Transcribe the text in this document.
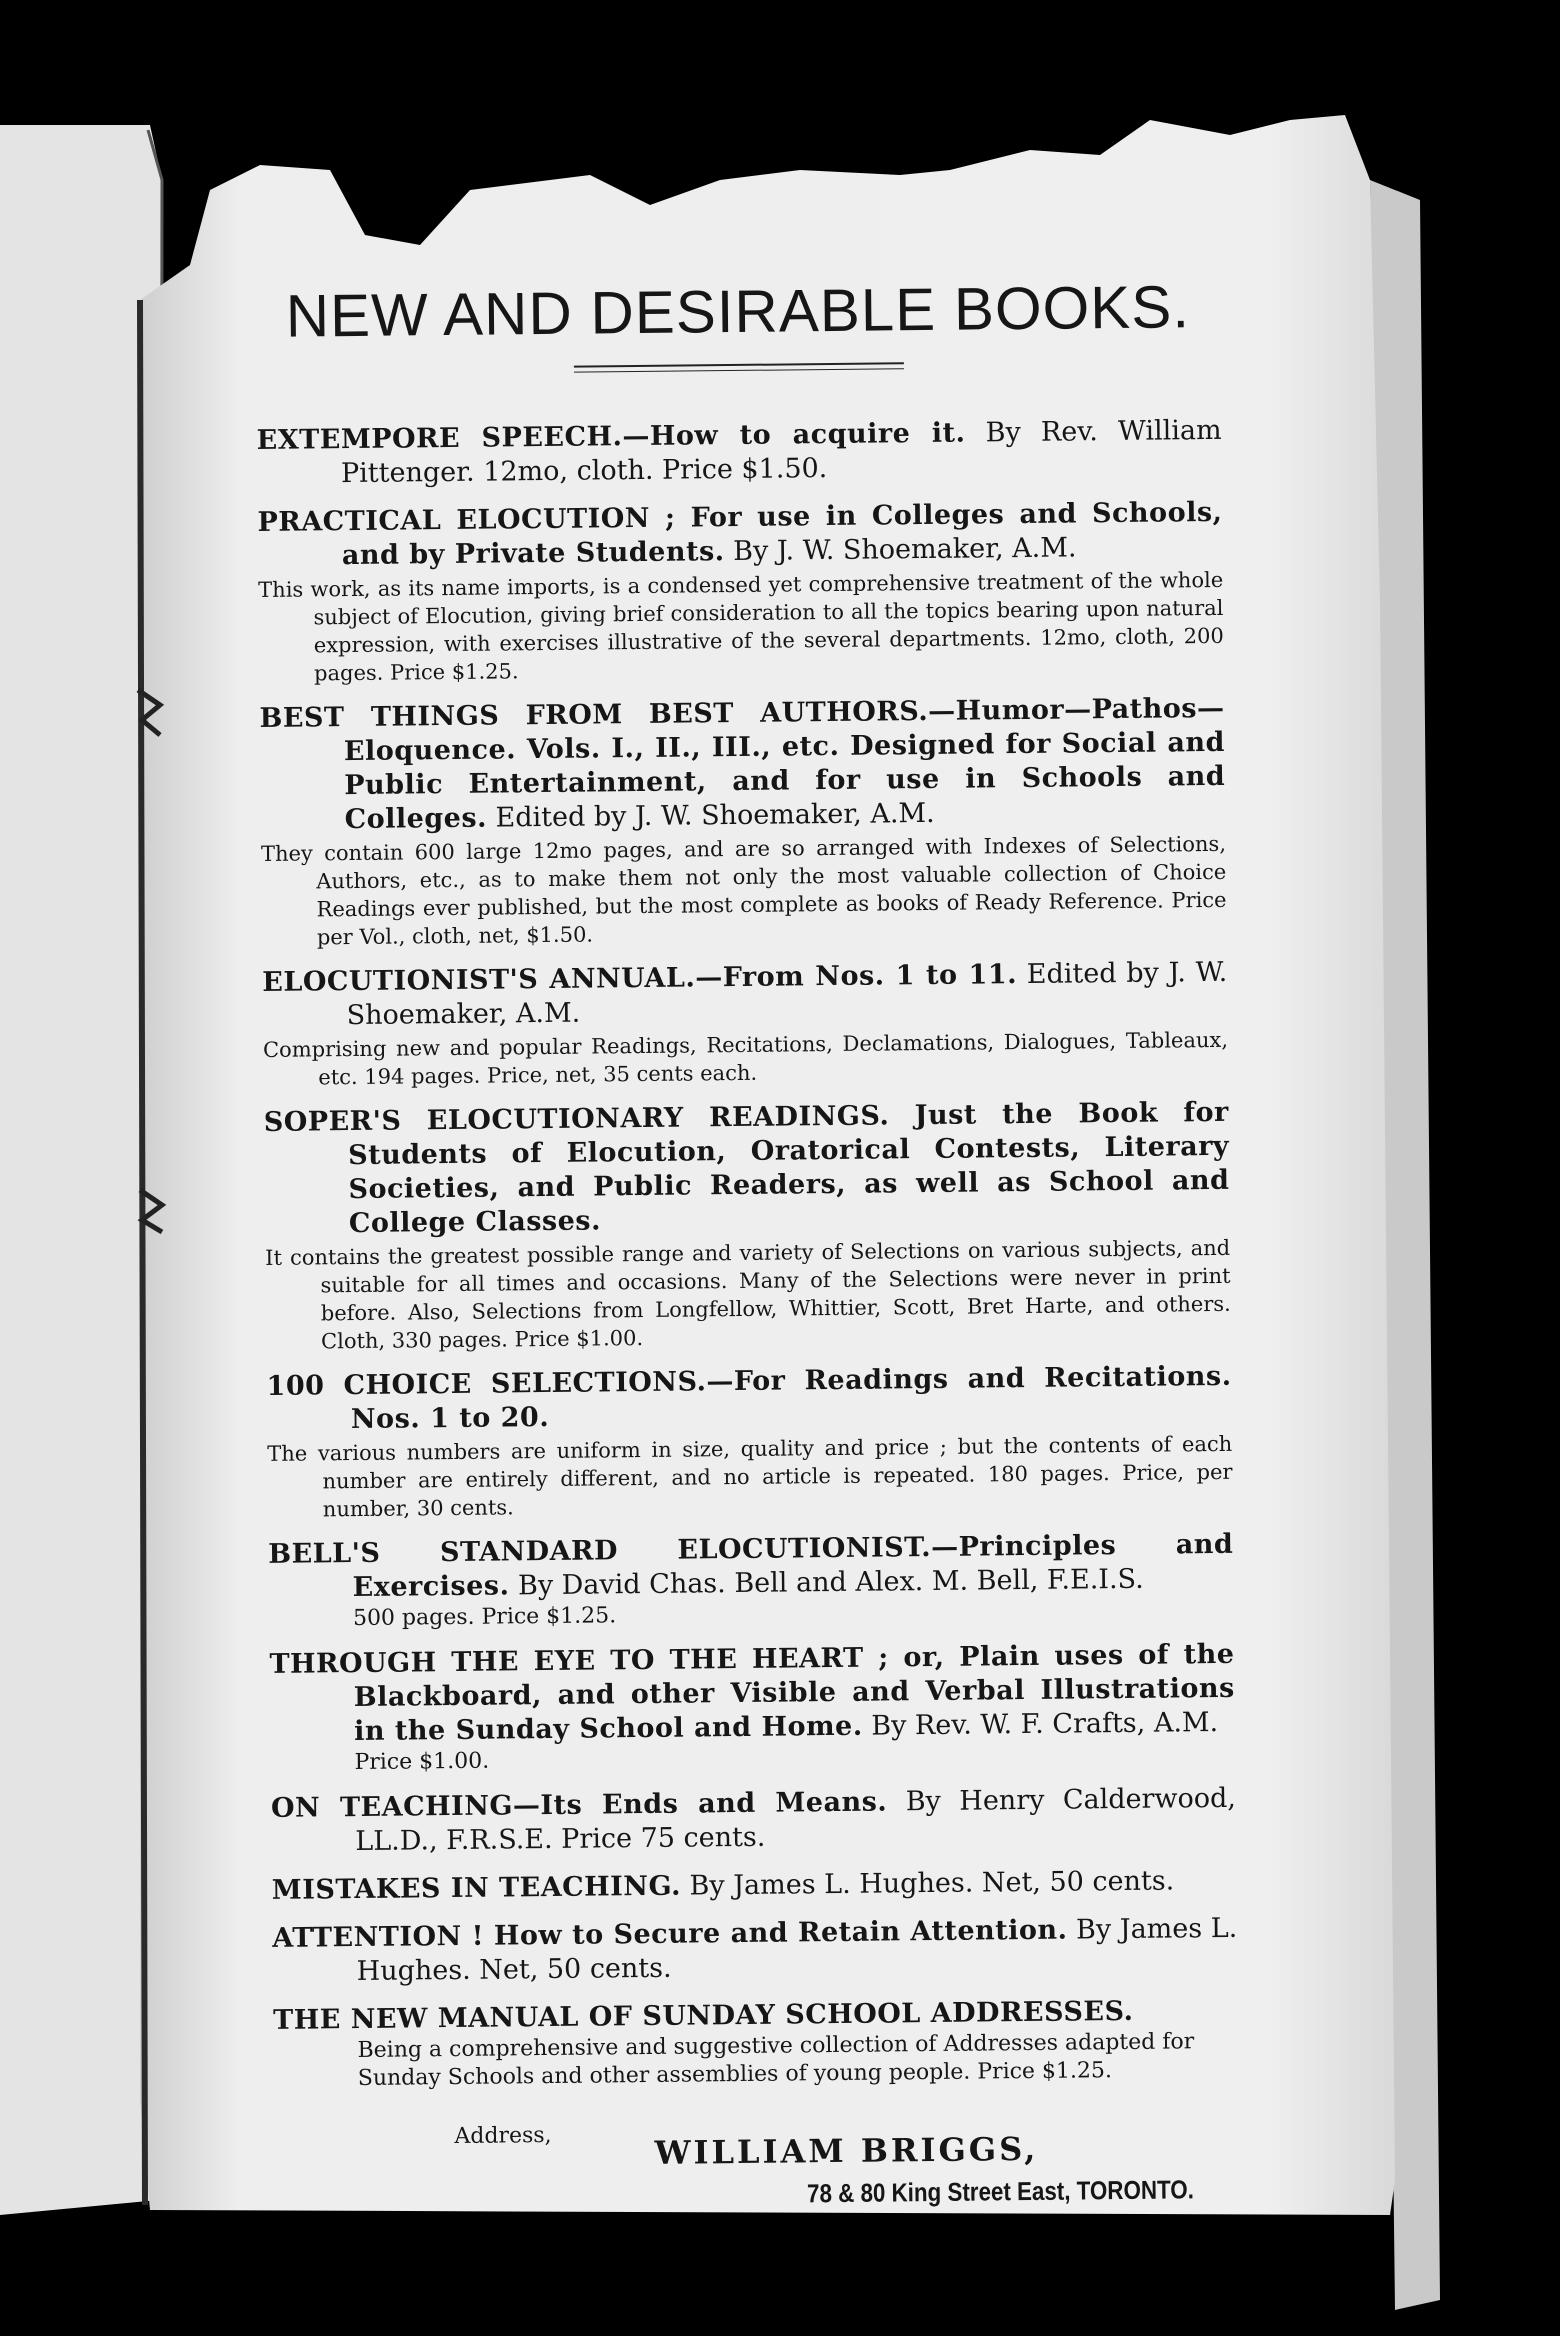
NEW AND DESIRABLE BOOKS.
EXTEMPORE SPEECH.—How to acquire it. By Rev. William Pittenger. 12mo, cloth. Price $1.50.
PRACTICAL ELOCUTION ; For use in Colleges and Schools, and by Private Students. By J. W. Shoemaker, A.M.
This work, as its name imports, is a condensed yet comprehensive treatment of the whole subject of Elocution, giving brief consideration to all the topics bearing upon natural expression, with exercises illustrative of the several departments. 12mo, cloth, 200 pages. Price $1.25.
BEST THINGS FROM BEST AUTHORS.—Humor—Pathos—Eloquence. Vols. I., II., III., etc. Designed for Social and Public Entertainment, and for use in Schools and Colleges. Edited by J. W. Shoemaker, A.M.
They contain 600 large 12mo pages, and are so arranged with Indexes of Selections, Authors, etc., as to make them not only the most valuable collection of Choice Readings ever published, but the most complete as books of Ready Reference. Price per Vol., cloth, net, $1.50.
ELOCUTIONIST'S ANNUAL.—From Nos. 1 to 11. Edited by J. W. Shoemaker, A.M.
Comprising new and popular Readings, Recitations, Declamations, Dialogues, Tableaux, etc. 194 pages. Price, net, 35 cents each.
SOPER'S ELOCUTIONARY READINGS. Just the Book for Students of Elocution, Oratorical Contests, Literary Societies, and Public Readers, as well as School and College Classes.
It contains the greatest possible range and variety of Selections on various subjects, and suitable for all times and occasions. Many of the Selections were never in print before. Also, Selections from Longfellow, Whittier, Scott, Bret Harte, and others. Cloth, 330 pages. Price $1.00.
100 CHOICE SELECTIONS.—For Readings and Recitations. Nos. 1 to 20.
The various numbers are uniform in size, quality and price ; but the contents of each number are entirely different, and no article is repeated. 180 pages. Price, per number, 30 cents.
BELL'S STANDARD ELOCUTIONIST.—Principles and Exercises. By David Chas. Bell and Alex. M. Bell, F.E.I.S.
500 pages. Price $1.25.
THROUGH THE EYE TO THE HEART ; or, Plain uses of the Blackboard, and other Visible and Verbal Illustrations in the Sunday School and Home. By Rev. W. F. Crafts, A.M.
Price $1.00.
ON TEACHING—Its Ends and Means. By Henry Calderwood, LL.D., F.R.S.E. Price 75 cents.
MISTAKES IN TEACHING. By James L. Hughes. Net, 50 cents.
ATTENTION ! How to Secure and Retain Attention. By James L. Hughes. Net, 50 cents.
THE NEW MANUAL OF SUNDAY SCHOOL ADDRESSES.
Being a comprehensive and suggestive collection of Addresses adapted for Sunday Schools and other assemblies of young people. Price $1.25.
Address,	WILLIAM BRIGGS,
78 & 80 King Street East, TORONTO.
